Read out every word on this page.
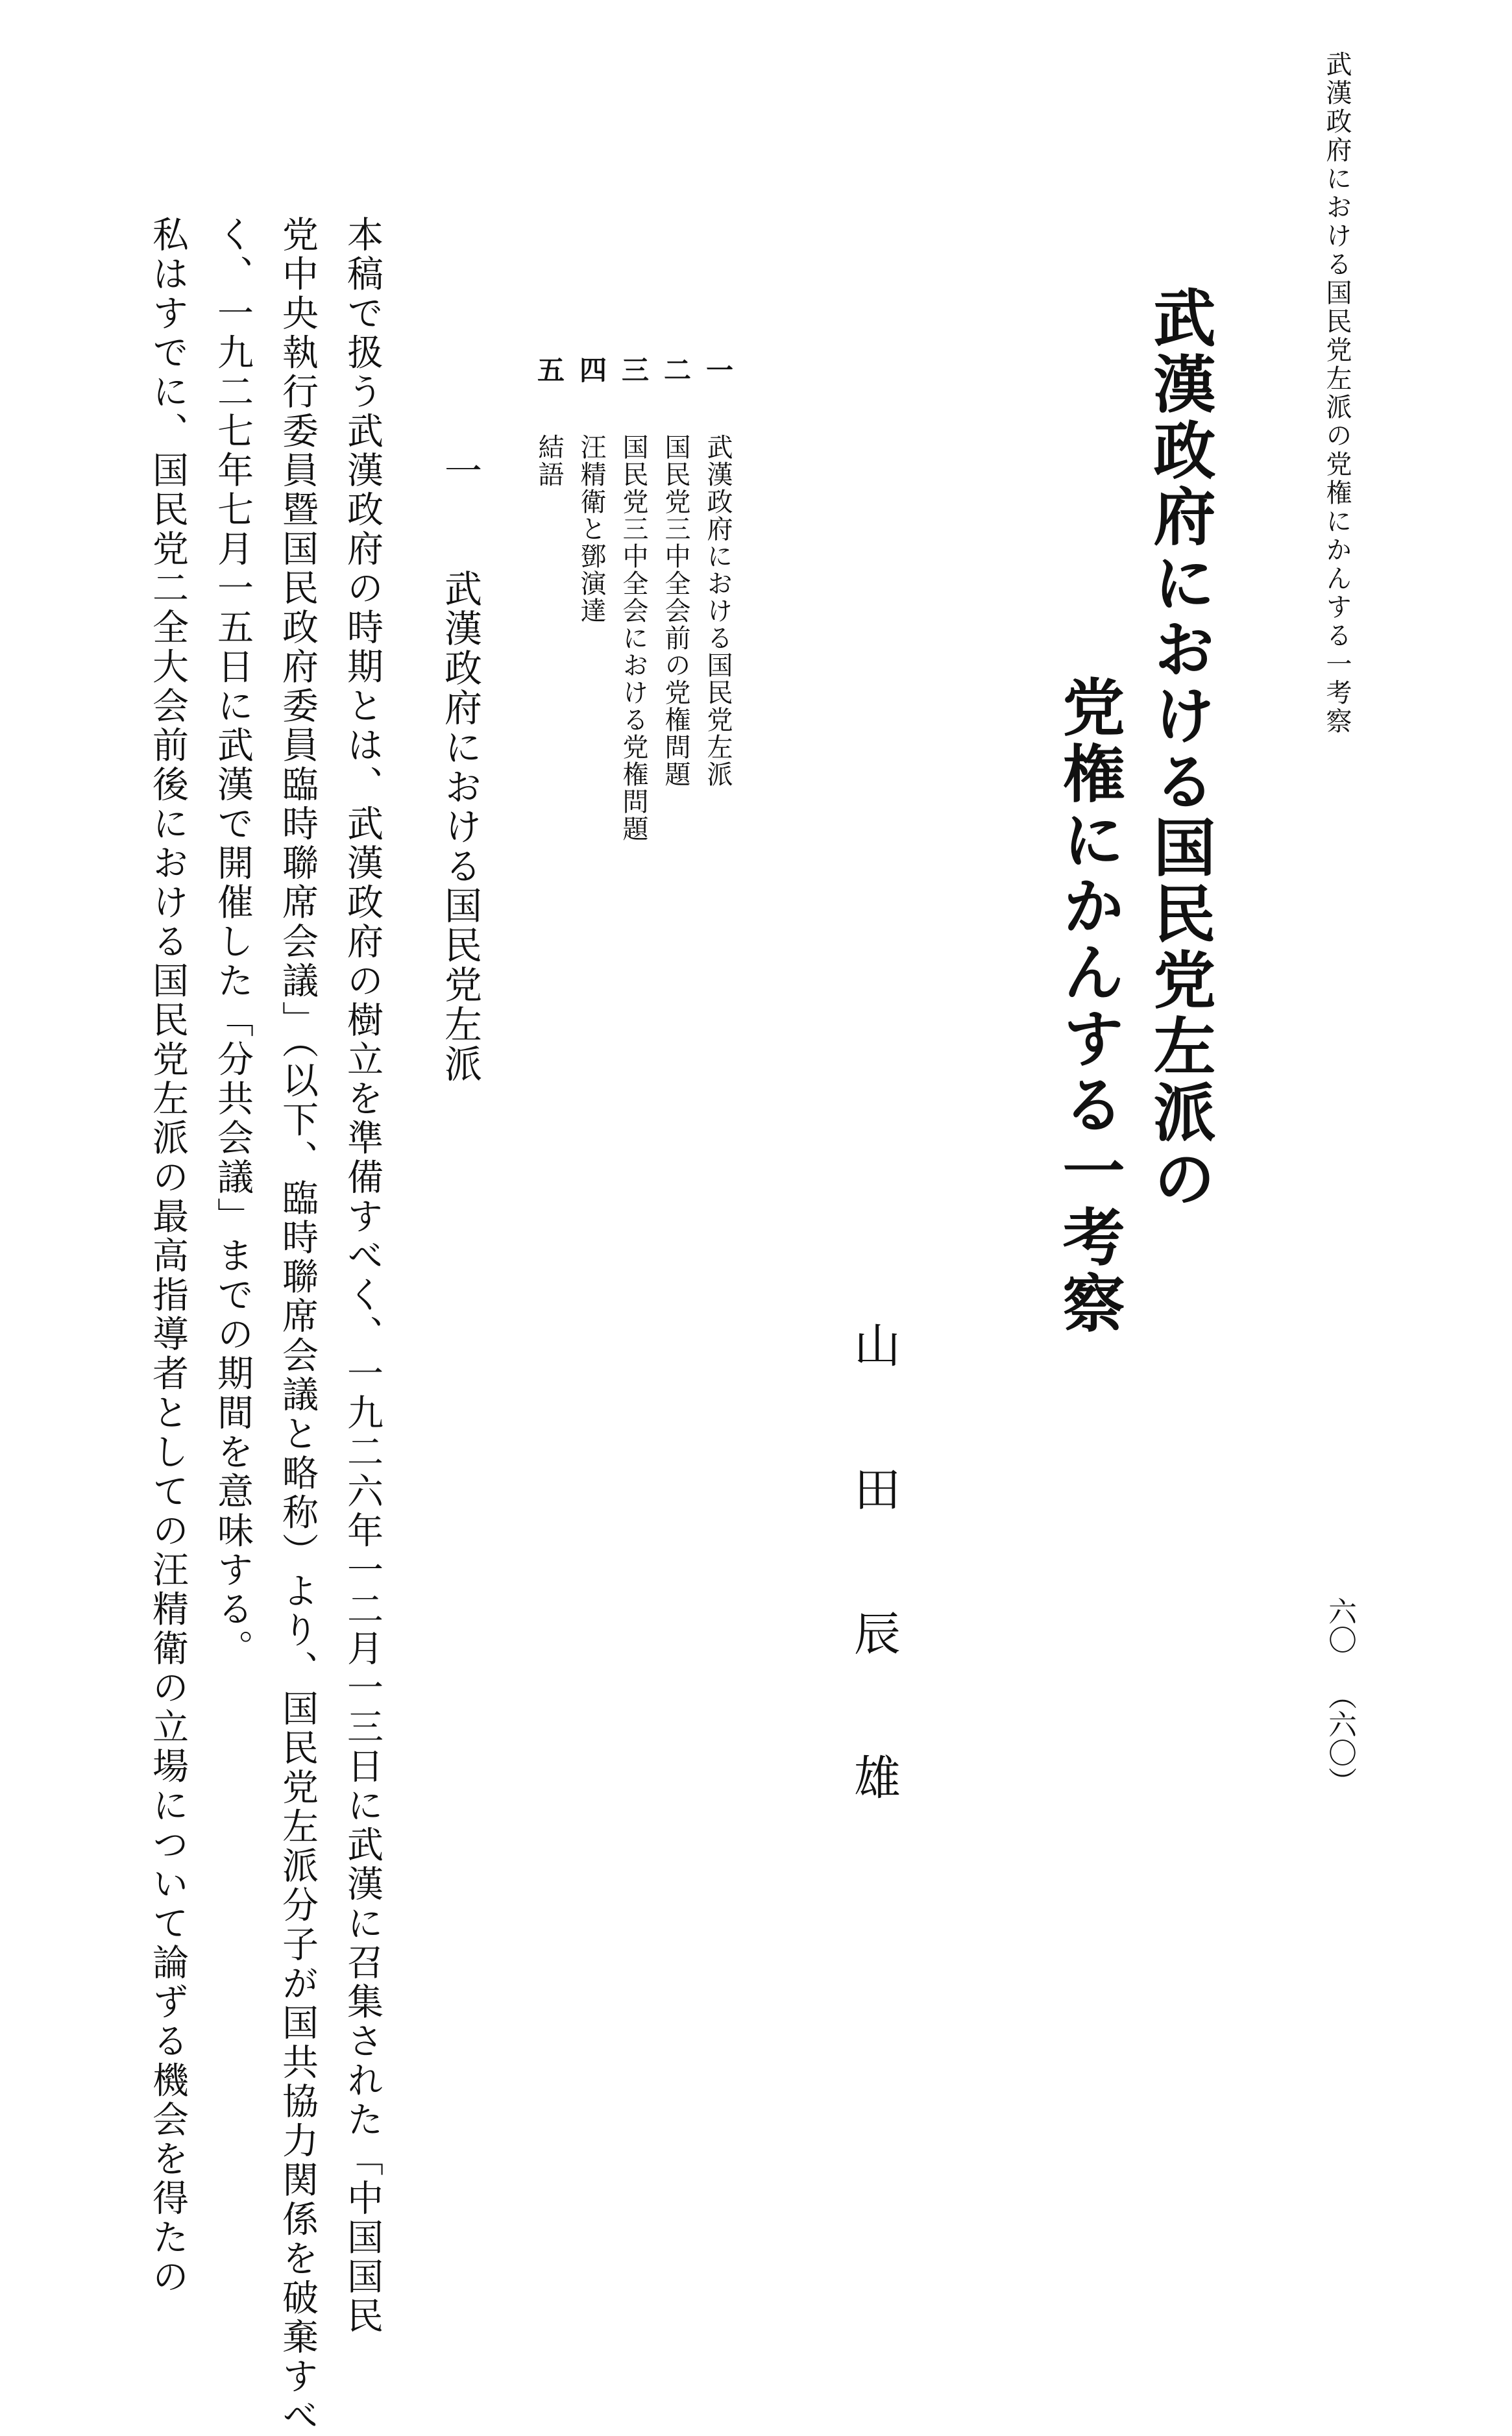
武漢政府における国民党左派の党権にかんする一考察
六〇
（六〇）
武漢政府における国民党左派の
党権にかんする一考察
山田辰雄
一 武漢政府における国民党左派
二 国民党三中全会前の党権問題
三 国民党三中全会における党権問題
四 汪精衛と鄧演達
五 結語
一 武漢政府における国民党左派
本稿で扱う武漢政府の時期とは、武漢政府の樹立を準備すべく、一九二六年一二月一三日に武漢に召集された「中国国民
党中央執行委員暨国民政府委員臨時聯席会議」（以下、臨時聯席会議と略称）より、国民党左派分子が国共協力関係を破棄すべ
く、一九二七年七月一五日に武漢で開催した「分共会議」までの期間を意味する。
私はすでに、国民党二全大会前後における国民党左派の最高指導者としての汪精衛の立場について論ずる機会を得たの
